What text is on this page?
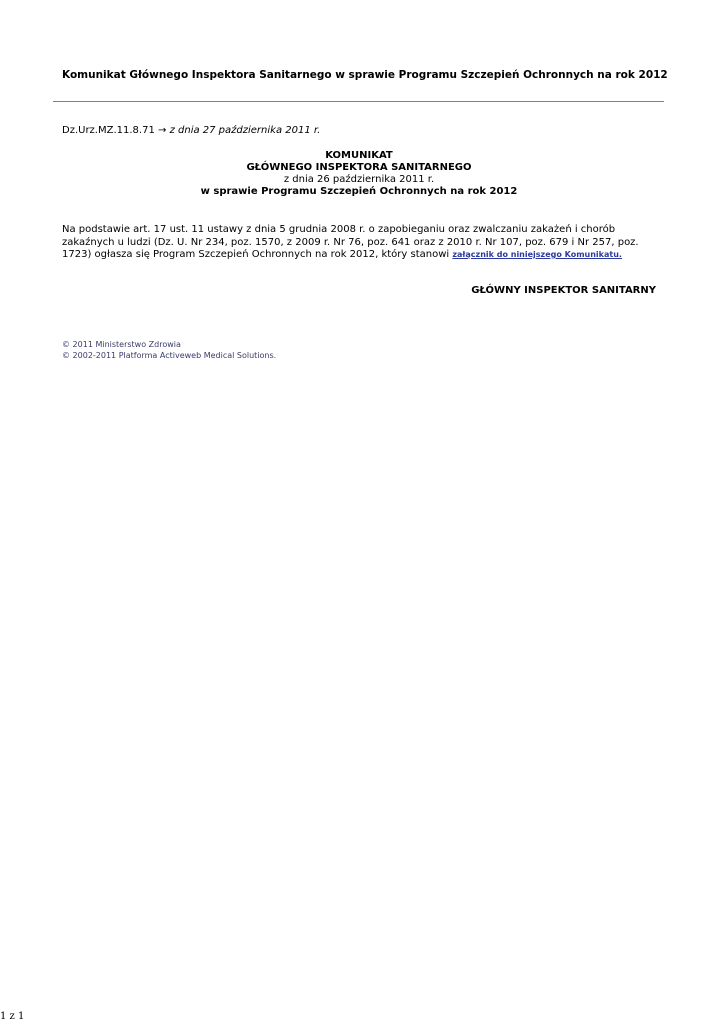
Komunikat Głównego Inspektora Sanitarnego w sprawie Programu Szczepień Ochronnych na rok 2012
Dz.Urz.MZ.11.8.71 → z dnia 27 października 2011 r.
KOMUNIKAT
GŁÓWNEGO INSPEKTORA SANITARNEGO
z dnia 26 października 2011 r.
w sprawie Programu Szczepień Ochronnych na rok 2012
Na podstawie art. 17 ust. 11 ustawy z dnia 5 grudnia 2008 r. o zapobieganiu oraz zwalczaniu zakażeń i chorób zakaźnych u ludzi (Dz. U. Nr 234, poz. 1570, z 2009 r. Nr 76, poz. 641 oraz z 2010 r. Nr 107, poz. 679 i Nr 257, poz. 1723) ogłasza się Program Szczepień Ochronnych na rok 2012, który stanowi załącznik do niniejszego Komunikatu.
GŁÓWNY INSPEKTOR SANITARNY
© 2011 Ministerstwo Zdrowia
© 2002-2011 Platforma Activeweb Medical Solutions.
1 z 1
